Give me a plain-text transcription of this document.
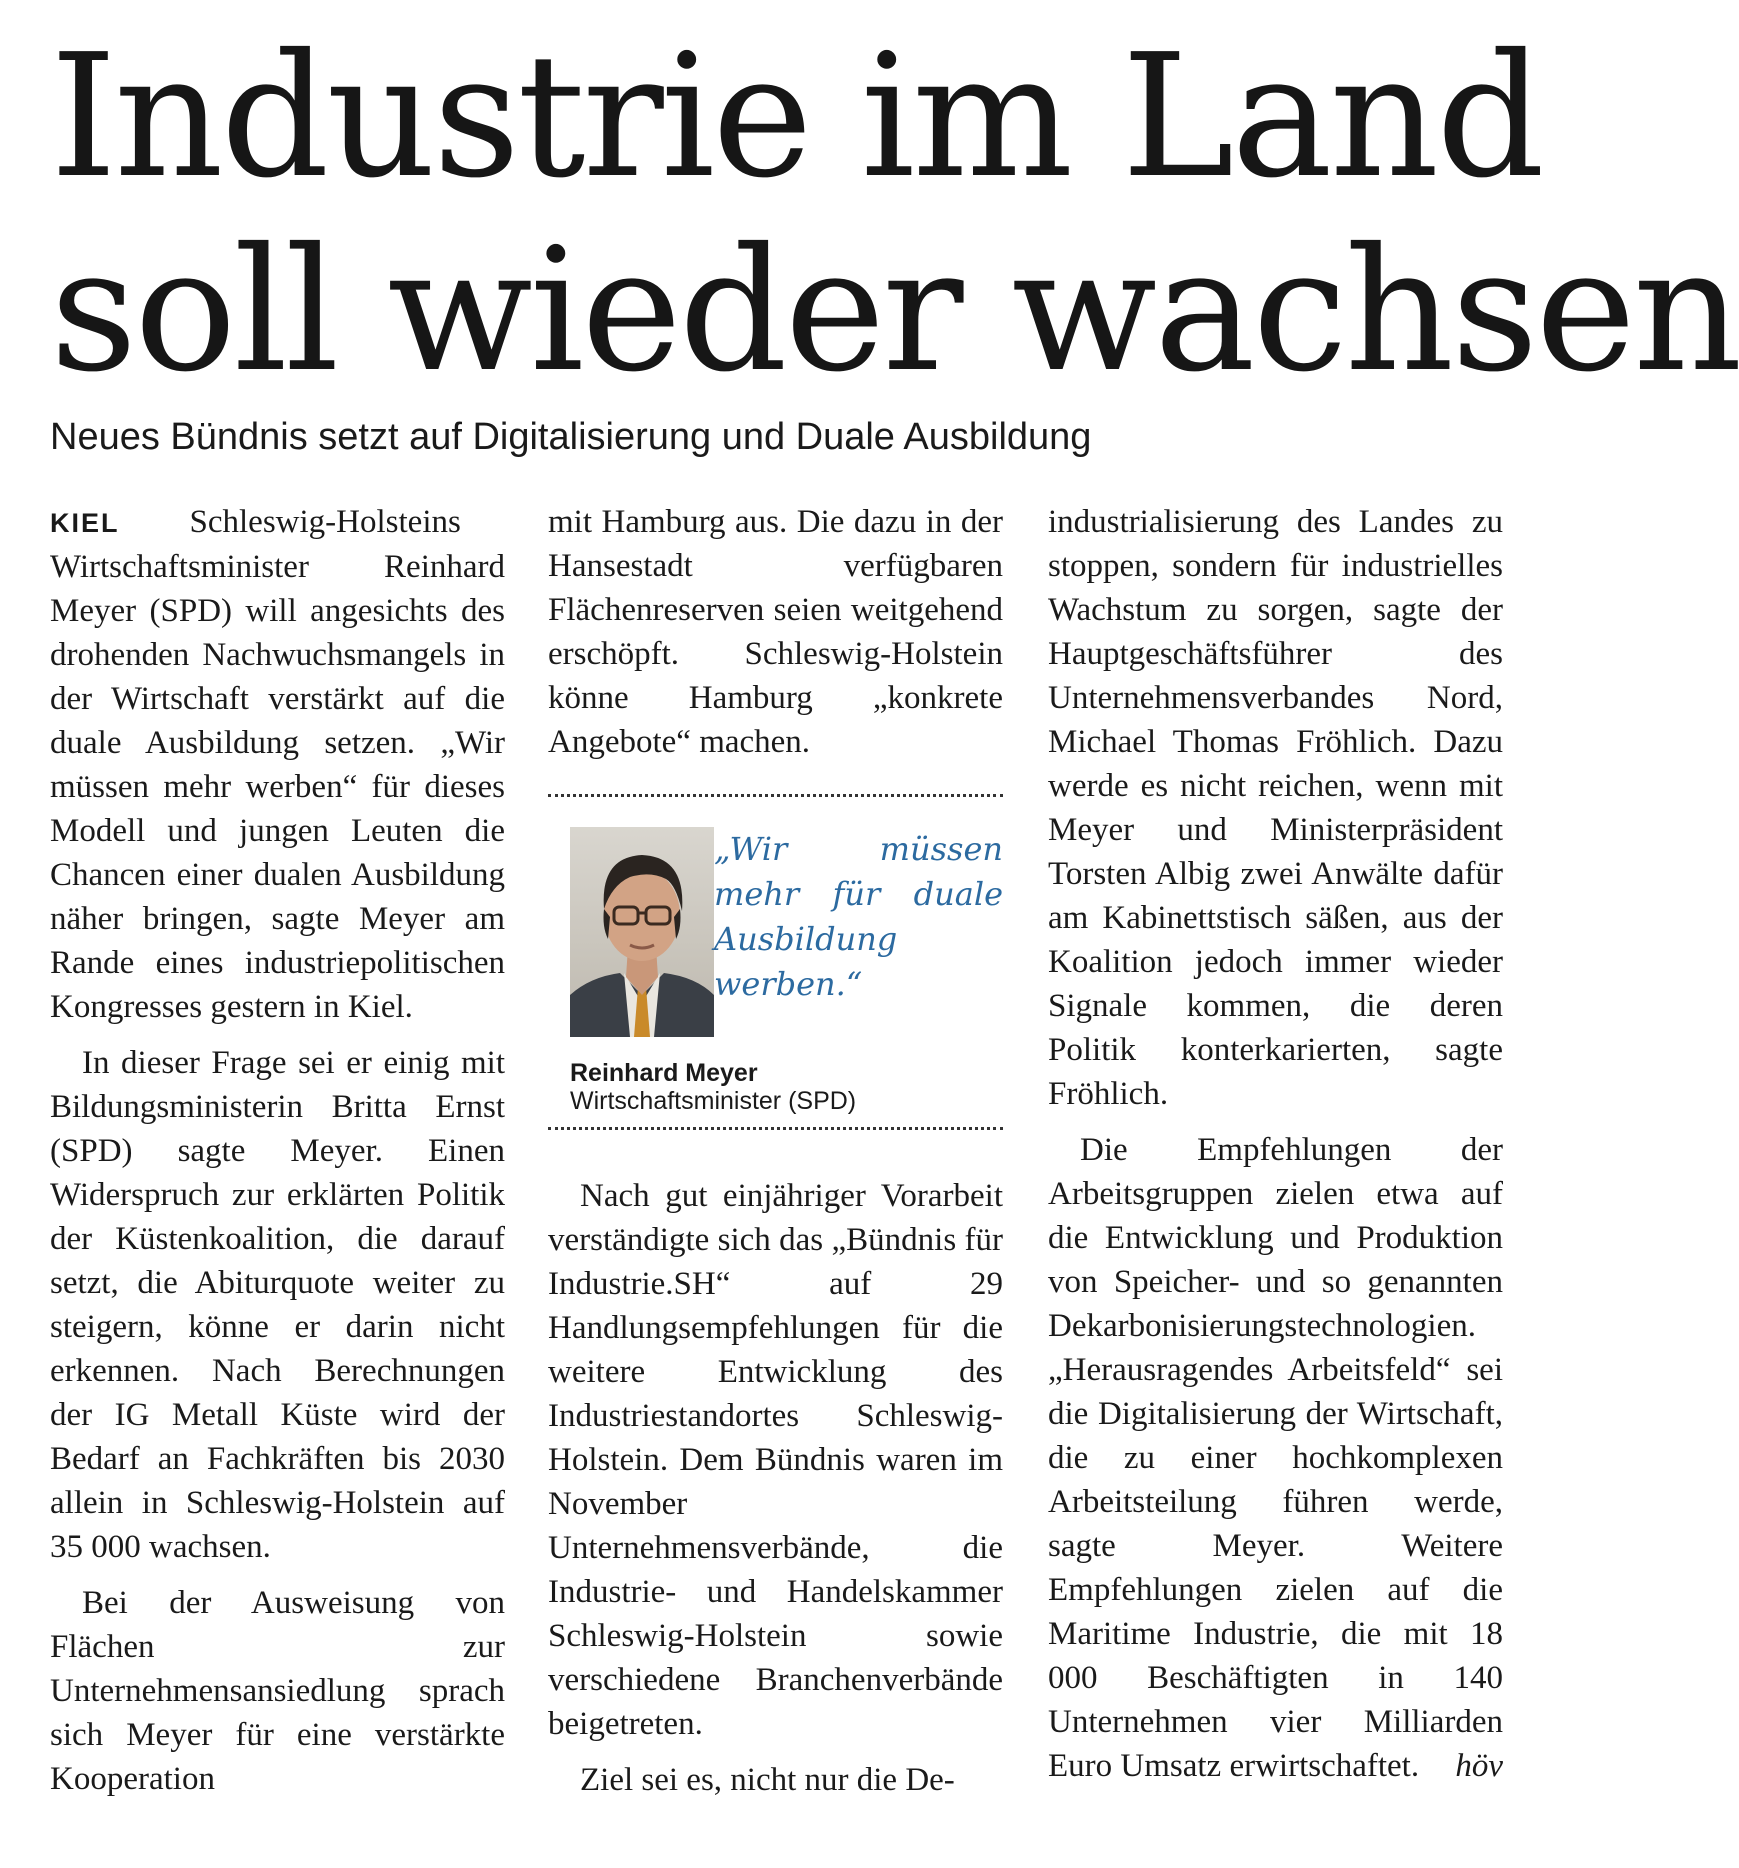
Industrie im Land
soll wieder wachsen
Neues Bündnis setzt auf Digitalisierung und Duale Ausbildung

KIEL Schleswig-Holsteins Wirtschaftsminister Reinhard Meyer (SPD) will angesichts des drohenden Nachwuchsmangels in der Wirtschaft verstärkt auf die duale Ausbildung setzen. „Wir müssen mehr werben“ für dieses Modell und jungen Leuten die Chancen einer dualen Ausbildung näher bringen, sagte Meyer am Rande eines industriepolitischen Kongresses gestern in Kiel.

In dieser Frage sei er einig mit Bildungsministerin Britta Ernst (SPD) sagte Meyer. Einen Widerspruch zur erklärten Politik der Küstenkoalition, die darauf setzt, die Abiturquote weiter zu steigern, könne er darin nicht erkennen. Nach Berechnungen der IG Metall Küste wird der Bedarf an Fachkräften bis 2030 allein in Schleswig-Holstein auf 35 000 wachsen.

Bei der Ausweisung von Flächen zur Unternehmensansiedlung sprach sich Meyer für eine verstärkte Kooperation

mit Hamburg aus. Die dazu in der Hansestadt verfügbaren Flächenreserven seien weitgehend erschöpft. Schleswig-Holstein könne Hamburg „konkrete Angebote“ machen.

„Wir müssen mehr für duale Ausbildung werben.“

Reinhard Meyer
Wirtschaftsminister (SPD)

Nach gut einjähriger Vorarbeit verständigte sich das „Bündnis für Industrie.SH“ auf 29 Handlungsempfehlungen für die weitere Entwicklung des Industriestandortes Schleswig-Holstein. Dem Bündnis waren im November Unternehmensverbände, die Industrie- und Handelskammer Schleswig-Holstein sowie verschiedene Branchenverbände beigetreten.

Ziel sei es, nicht nur die De-

industrialisierung des Landes zu stoppen, sondern für industrielles Wachstum zu sorgen, sagte der Hauptgeschäftsführer des Unternehmensverbandes Nord, Michael Thomas Fröhlich. Dazu werde es nicht reichen, wenn mit Meyer und Ministerpräsident Torsten Albig zwei Anwälte dafür am Kabinettstisch säßen, aus der Koalition jedoch immer wieder Signale kommen, die deren Politik konterkarierten, sagte Fröhlich.

Die Empfehlungen der Arbeitsgruppen zielen etwa auf die Entwicklung und Produktion von Speicher- und so genannten Dekarbonisierungstechnologien. „Herausragendes Arbeitsfeld“ sei die Digitalisierung der Wirtschaft, die zu einer hochkomplexen Arbeitsteilung führen werde, sagte Meyer. Weitere Empfehlungen zielen auf die Maritime Industrie, die mit 18 000 Beschäftigten in 140 Unternehmen vier Milliarden Euro Umsatz erwirtschaftet.	höv
